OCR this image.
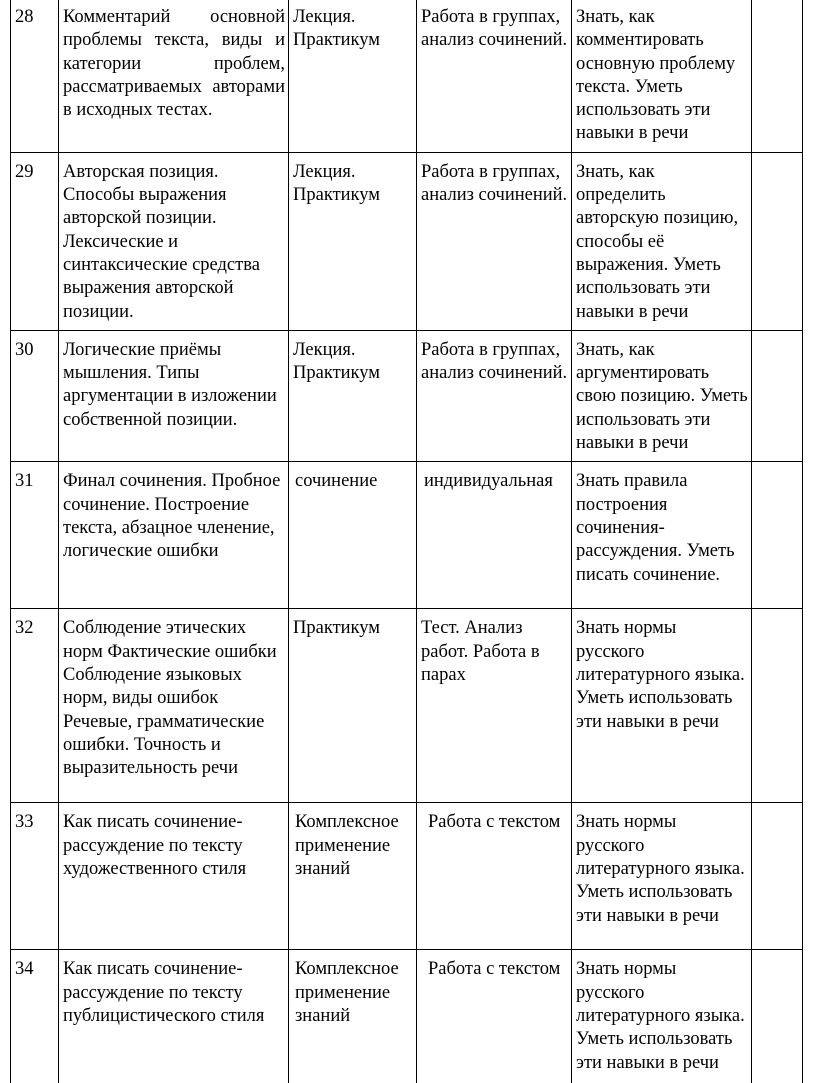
28	Комментарий основной проблемы текста, виды и категории проблем, рассматриваемых авторами в исходных тестах.	Лекция. Практикум	Работа в группах, анализ сочинений.	Знать, как комментировать основную проблему текста. Уметь использовать эти навыки в речи	

29	Авторская позиция. Способы выражения авторской позиции. Лексические и синтаксические средства выражения авторской позиции.	Лекция. Практикум	Работа в группах, анализ сочинений.	Знать, как определить авторскую позицию, способы её выражения. Уметь использовать эти навыки в речи	

30	Логические приёмы мышления. Типы аргументации в изложении собственной позиции.	Лекция. Практикум	Работа в группах, анализ сочинений.	Знать, как аргументировать свою позицию. Уметь использовать эти навыки в речи	

31	Финал сочинения. Пробное сочинение. Построение текста, абзацное членение, логические ошибки	сочинение	индивидуальная	Знать правила построения сочинения-рассуждения. Уметь писать сочинение.	

32	Соблюдение этических норм Фактические ошибки Соблюдение языковых норм, виды ошибок Речевые, грамматические ошибки. Точность и выразительность речи	Практикум	Тест. Анализ работ. Работа в парах	Знать нормы русского литературного языка. Уметь использовать эти навыки в речи	

33	Как писать сочинение-рассуждение по тексту художественного стиля	Комплексное применение знаний	Работа с текстом	Знать нормы русского литературного языка. Уметь использовать эти навыки в речи	

34	Как писать сочинение-рассуждение по тексту публицистического стиля	Комплексное применение знаний	Работа с текстом	Знать нормы русского литературного языка. Уметь использовать эти навыки в речи	
